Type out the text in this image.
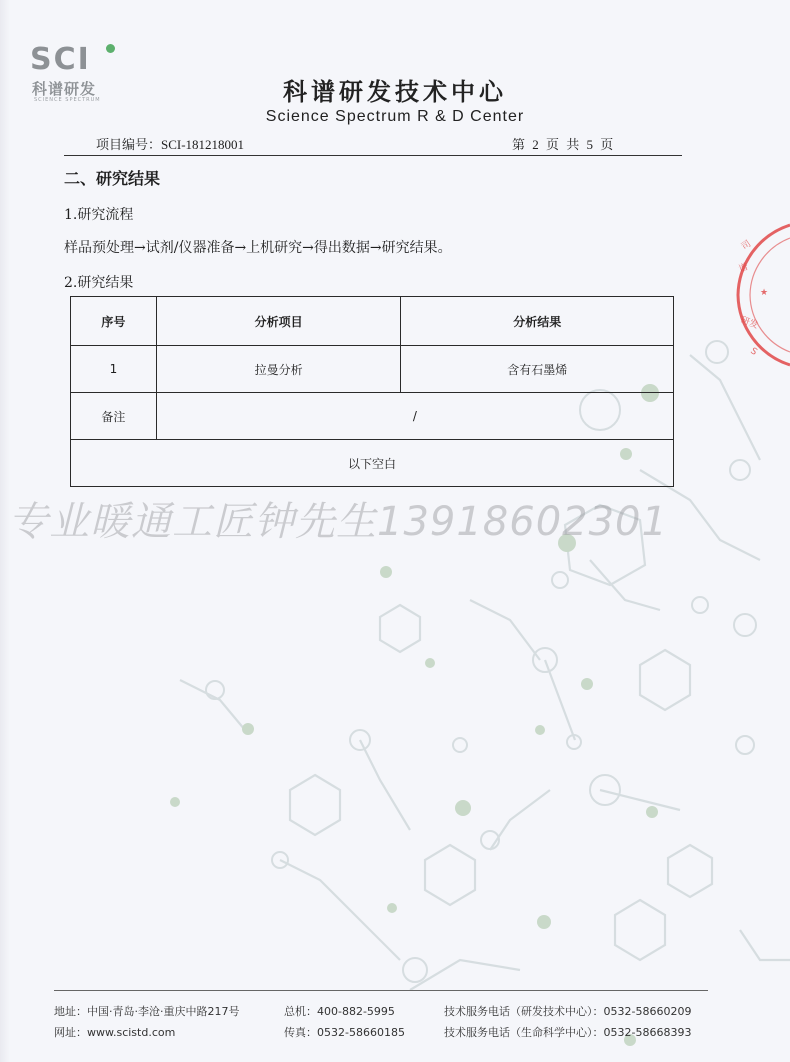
SCI
科谱研发
SCIENCE SPECTRUM	科谱研发技术中心
Science Spectrum R & D Center
项目编号：SCI-181218001	第 2 页 共 5 页
二、研究结果
1.研究流程
样品预处理→试剂/仪器准备→上机研究→得出数据→研究结果。
2.研究结果
序号	分析项目	分析结果
1	拉曼分析	含有石墨烯
备注	/	
以下空白		
专业暖通工匠钟先生13918602301
司
谱
★
研发
S
地址：中国·青岛·李沧·重庆中路217号
网址：www.scistd.com
总机：400-882-5995
传真：0532-58660185
技术服务电话（研发技术中心）：0532-58660209
技术服务电话（生命科学中心）：0532-58668393
